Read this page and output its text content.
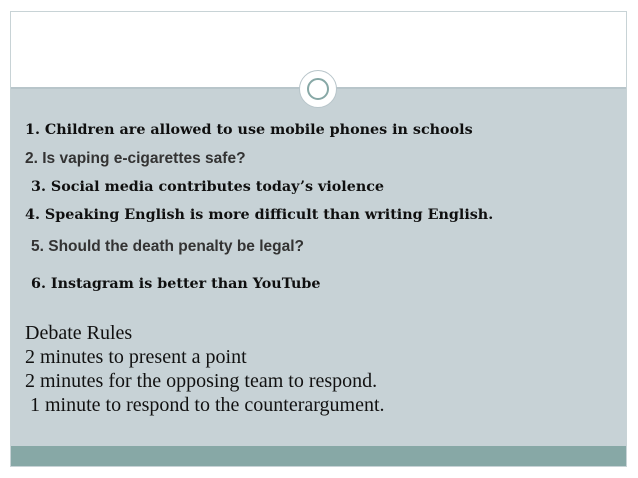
1. Children are allowed to use mobile phones in schools
2. Is vaping e-cigarettes safe?
3. Social media contributes today’s violence
4. Speaking English is more difficult than writing English.
5. Should the death penalty be legal?
6. Instagram is better than YouTube
Debate Rules
2 minutes to present a point
2 minutes for the opposing team to respond.
1 minute to respond to the counterargument.
